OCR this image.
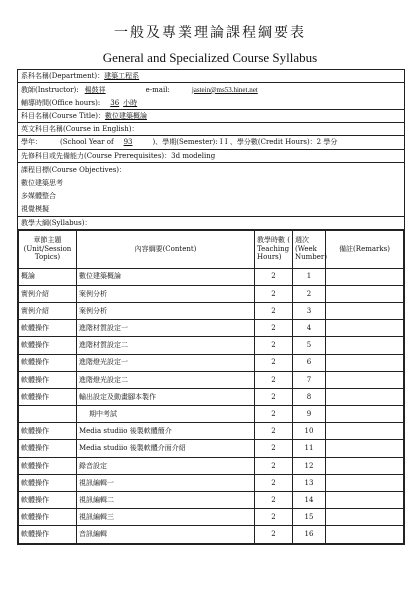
一般及專業理論課程綱要表
General and Specialized Course Syllabus
系科名稱(Department)： 建築工程系
教師(Instructor): 楊鼓祥	e-mail:	jastein@ms53.hinet.net
輔導時間(Office hours):	36 小時
科目名稱(Course Title)： 數位建築概論
英文科目名稱(Course in English)：
學年：	(School Year of	93	)、學期(Semester): I I 、學分數(Credit Hours)：2 學分
先修科目或先備能力(Course Prerequisites)： 3d modeling
課程目標(Course Objectives)：
數位建築思考
多媒體整合
視覺模擬
教學大綱(Syllabus)：
章節主題 (Unit/Session Topics)	內容綱要(Content)	教學時數 ( Teaching Hours)	週次 (Week Number)	備註(Remarks)
概論	數位建築概論	2	1	
實例介紹	案例分析	2	2	
實例介紹	案例分析	2	3	
軟體操作	進階材質設定一	2	4	
軟體操作	進階材質設定二	2	5	
軟體操作	進階燈光設定一	2	6	
軟體操作	進階燈光設定二	2	7	
軟體操作	輸出設定及動畫腳本製作	2	8	
	期中考試	2	9	
軟體操作	Media studiio 後製軟體簡介	2	10	
軟體操作	Media studiio 後製軟體介面介紹	2	11	
軟體操作	錄音設定	2	12	
軟體操作	視訊編輯一	2	13	
軟體操作	視訊編輯二	2	14	
軟體操作	視訊編輯三	2	15	
軟體操作	音訊編輯	2	16	
